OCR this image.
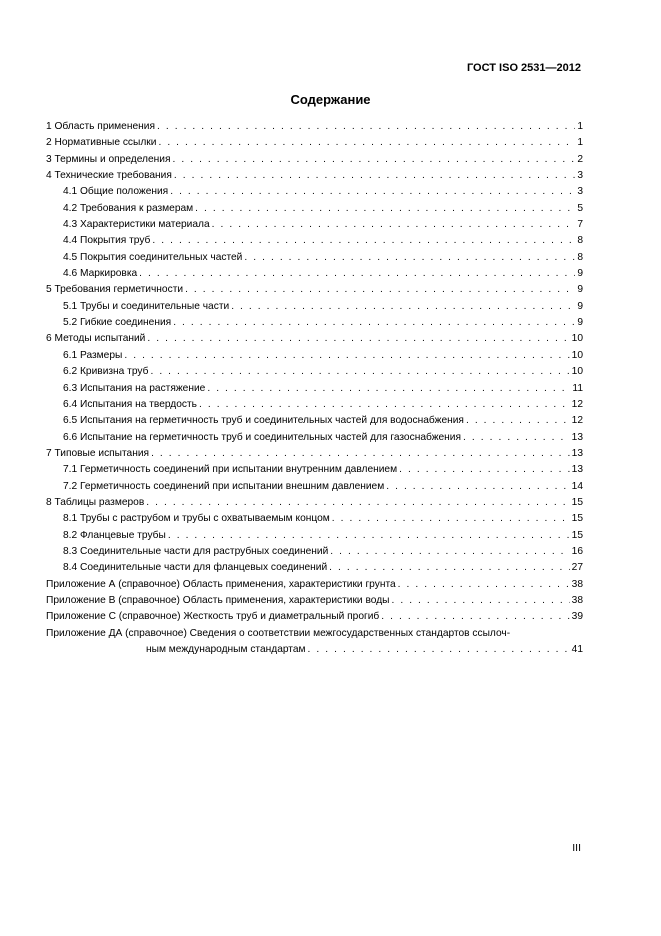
ГОСТ ISO 2531—2012
Содержание
1 Область применения . . .	1
2 Нормативные ссылки . . .	1
3 Термины и определения . . .	2
4 Технические требования . . .	3
4.1 Общие положения . . .	3
4.2 Требования к размерам . . .	5
4.3 Характеристики материала . . .	7
4.4 Покрытия труб . . .	8
4.5 Покрытия соединительных частей . . .	8
4.6 Маркировка . . .	9
5 Требования герметичности . . .	9
5.1 Трубы и соединительные части . . .	9
5.2 Гибкие соединения . . .	9
6 Методы испытаний . . .	10
6.1 Размеры . . .	10
6.2 Кривизна труб . . .	10
6.3 Испытания на растяжение . . .	11
6.4 Испытания на твердость . . .	12
6.5 Испытания на герметичность труб и соединительных частей для водоснабжения . . .	12
6.6 Испытание на герметичность труб и соединительных частей для газоснабжения . . .	13
7 Типовые испытания . . .	13
7.1 Герметичность соединений при испытании внутренним давлением . . .	13
7.2 Герметичность соединений при испытании внешним давлением . . .	14
8 Таблицы размеров . . .	15
8.1 Трубы с раструбом и трубы с охватываемым концом . . .	15
8.2 Фланцевые трубы . . .	15
8.3 Соединительные части для раструбных соединений . . .	16
8.4 Соединительные части для фланцевых соединений . . .	27
Приложение А (справочное) Область применения, характеристики грунта . . .	38
Приложение В (справочное) Область применения, характеристики воды . . .	38
Приложение С (справочное) Жесткость труб и диаметральный прогиб . . .	39
Приложение ДА (справочное) Сведения о соответствии межгосударственных стандартов ссылоч-
ным международным стандартам . . .	41
III
